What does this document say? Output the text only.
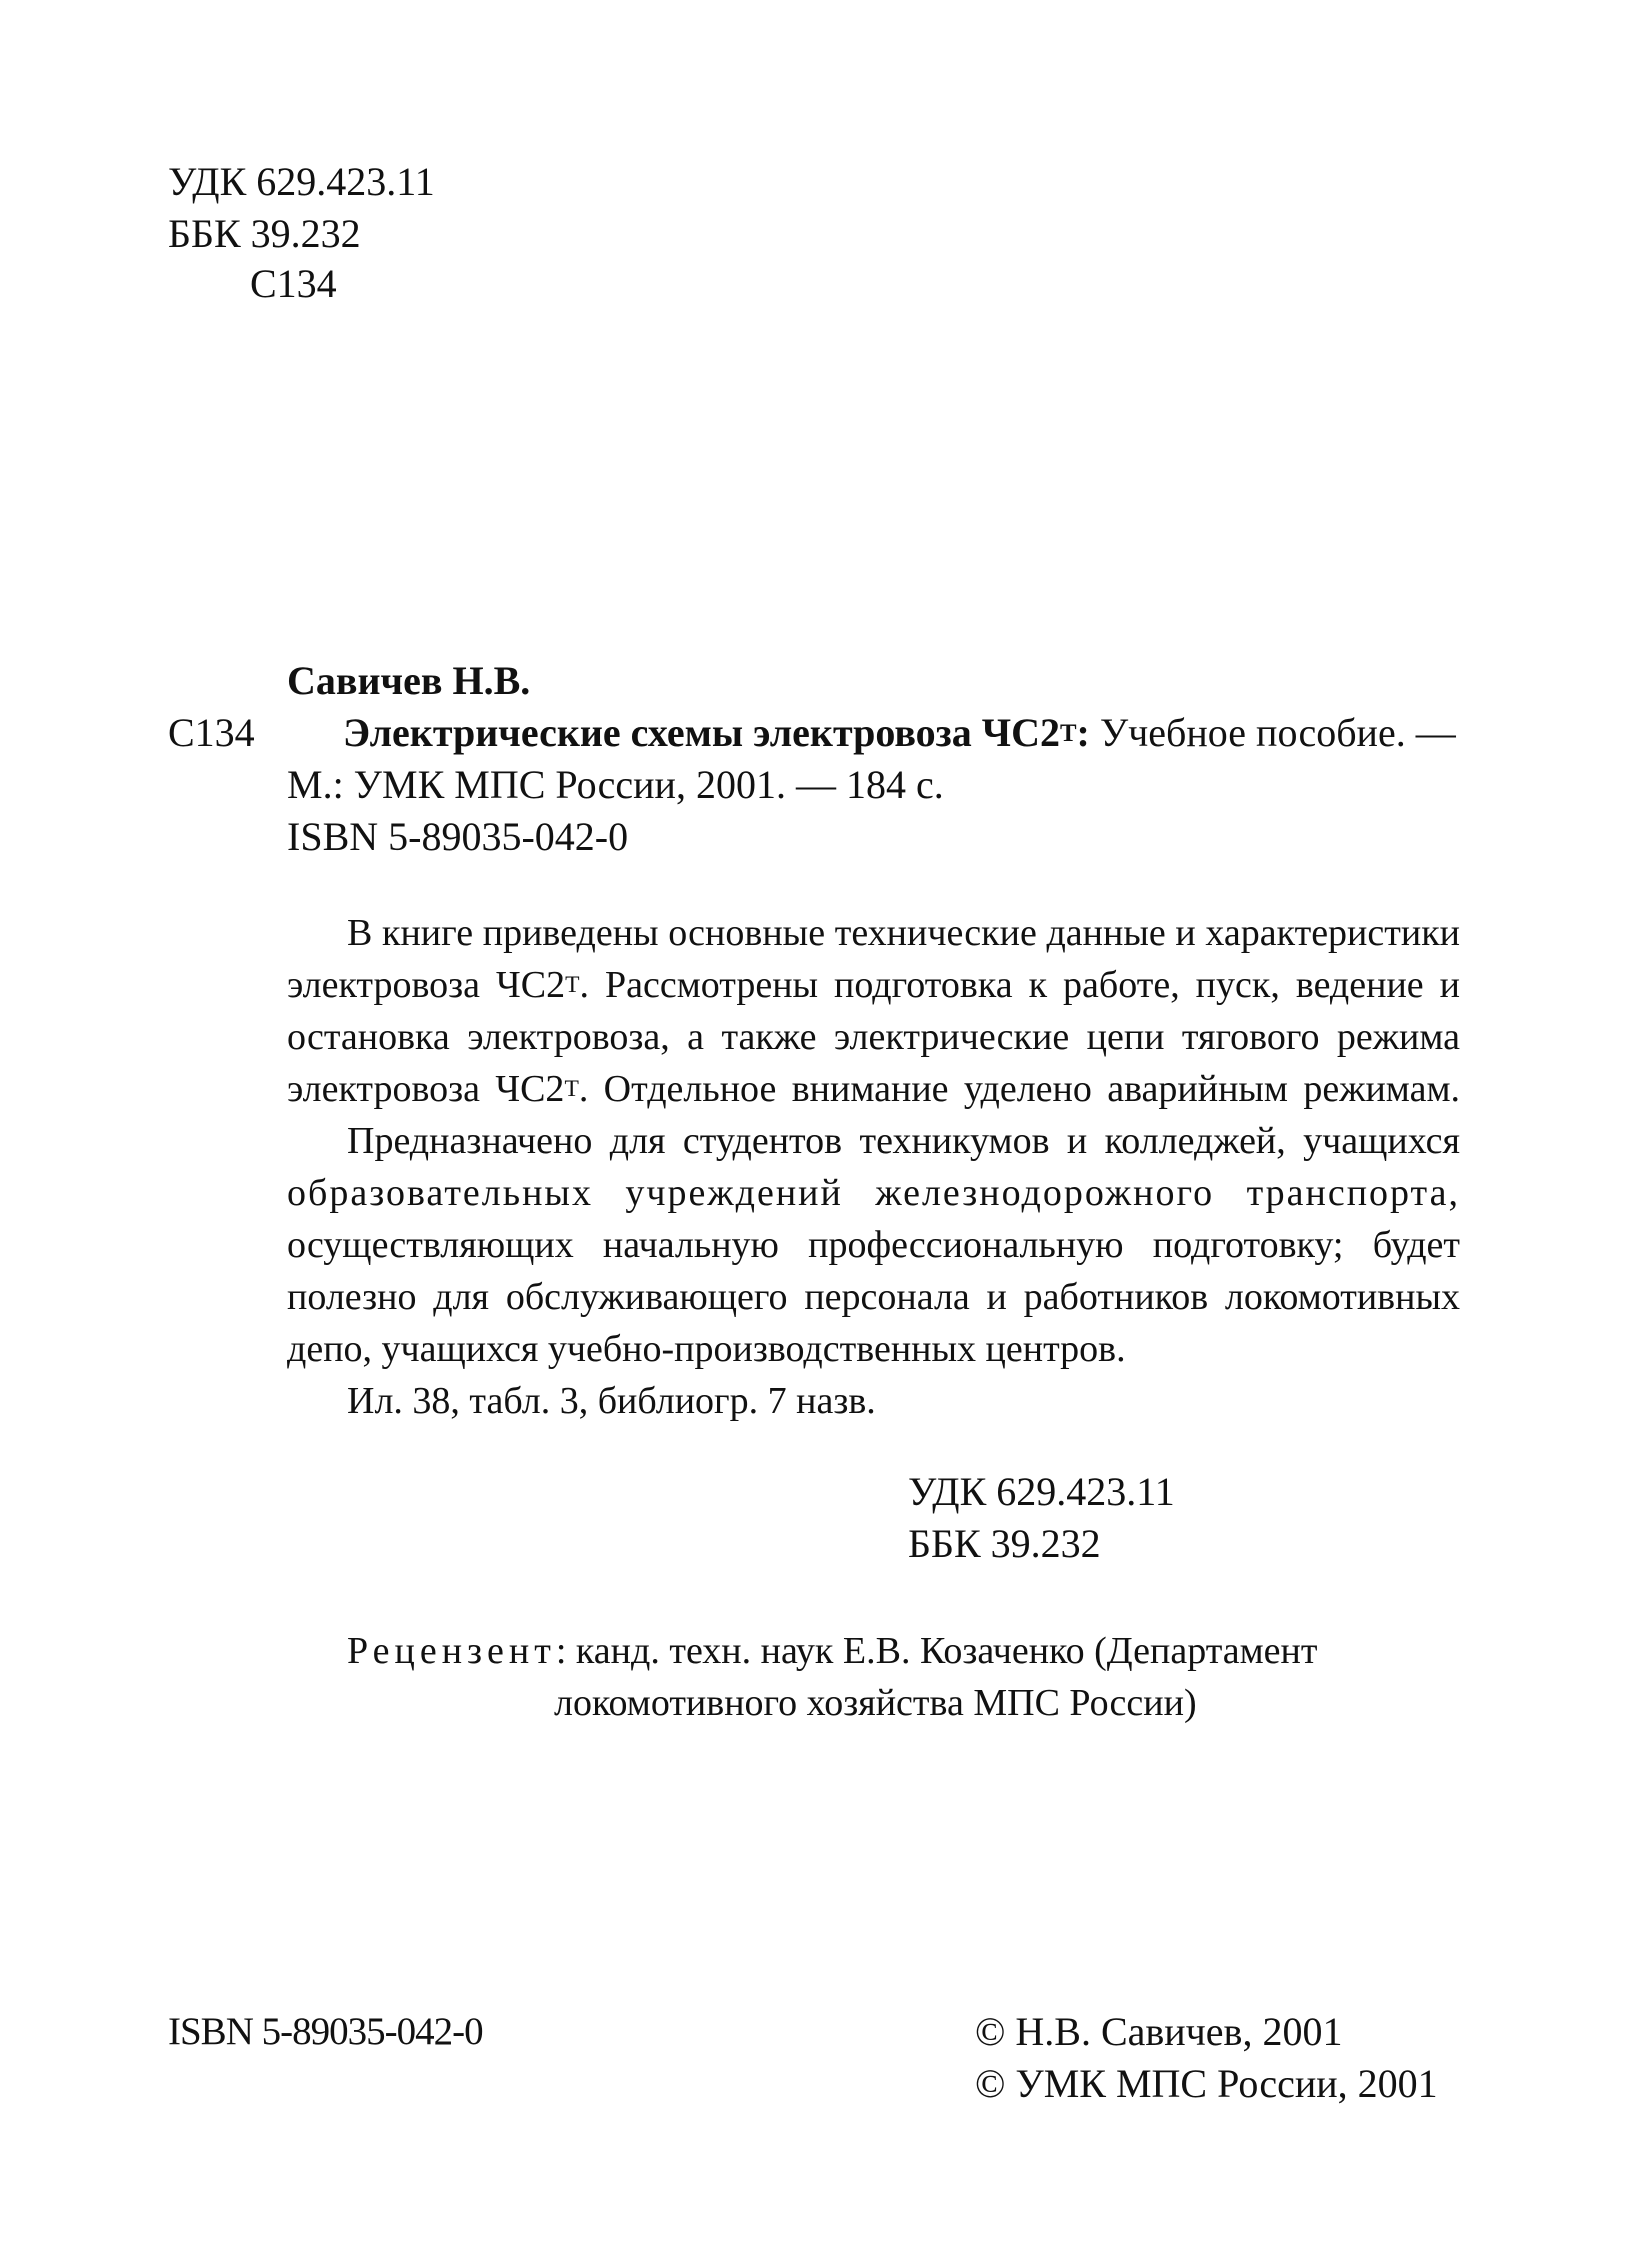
УДК 629.423.11
ББК 39.232
С134
Савичев Н.В.
С134 Электрические схемы электровоза $ЧС2^Т$: Учебное пособие. —
М.: УМК МПС России, 2001. — 184 с.
ISBN 5-89035-042-0
В книге приведены основные технические данные и характеристики
электровоза $ЧС2^Т$. Рассмотрены подготовка к работе, пуск, ведение и
остановка электровоза, а также электрические цепи тягового режима
электровоза $ЧС2^Т$. Отдельное внимание уделено аварийным режимам.
Предназначено для студентов техникумов и колледжей, учащихся
образовательных учреждений железнодорожного транспорта,
осуществляющих начальную профессиональную подготовку; будет
полезно для обслуживающего персонала и работников локомотивных
депо, учащихся учебно-производственных центров.
Ил. 38, табл. 3, библиогр. 7 назв.
УДК 629.423.11
ББК 39.232
Рецензент: канд. техн. наук Е.В. Козаченко (Департамент
локомотивного хозяйства МПС России)
ISBN 5-89035-042-0	© Н.В. Савичев, 2001
© УМК МПС России, 2001
